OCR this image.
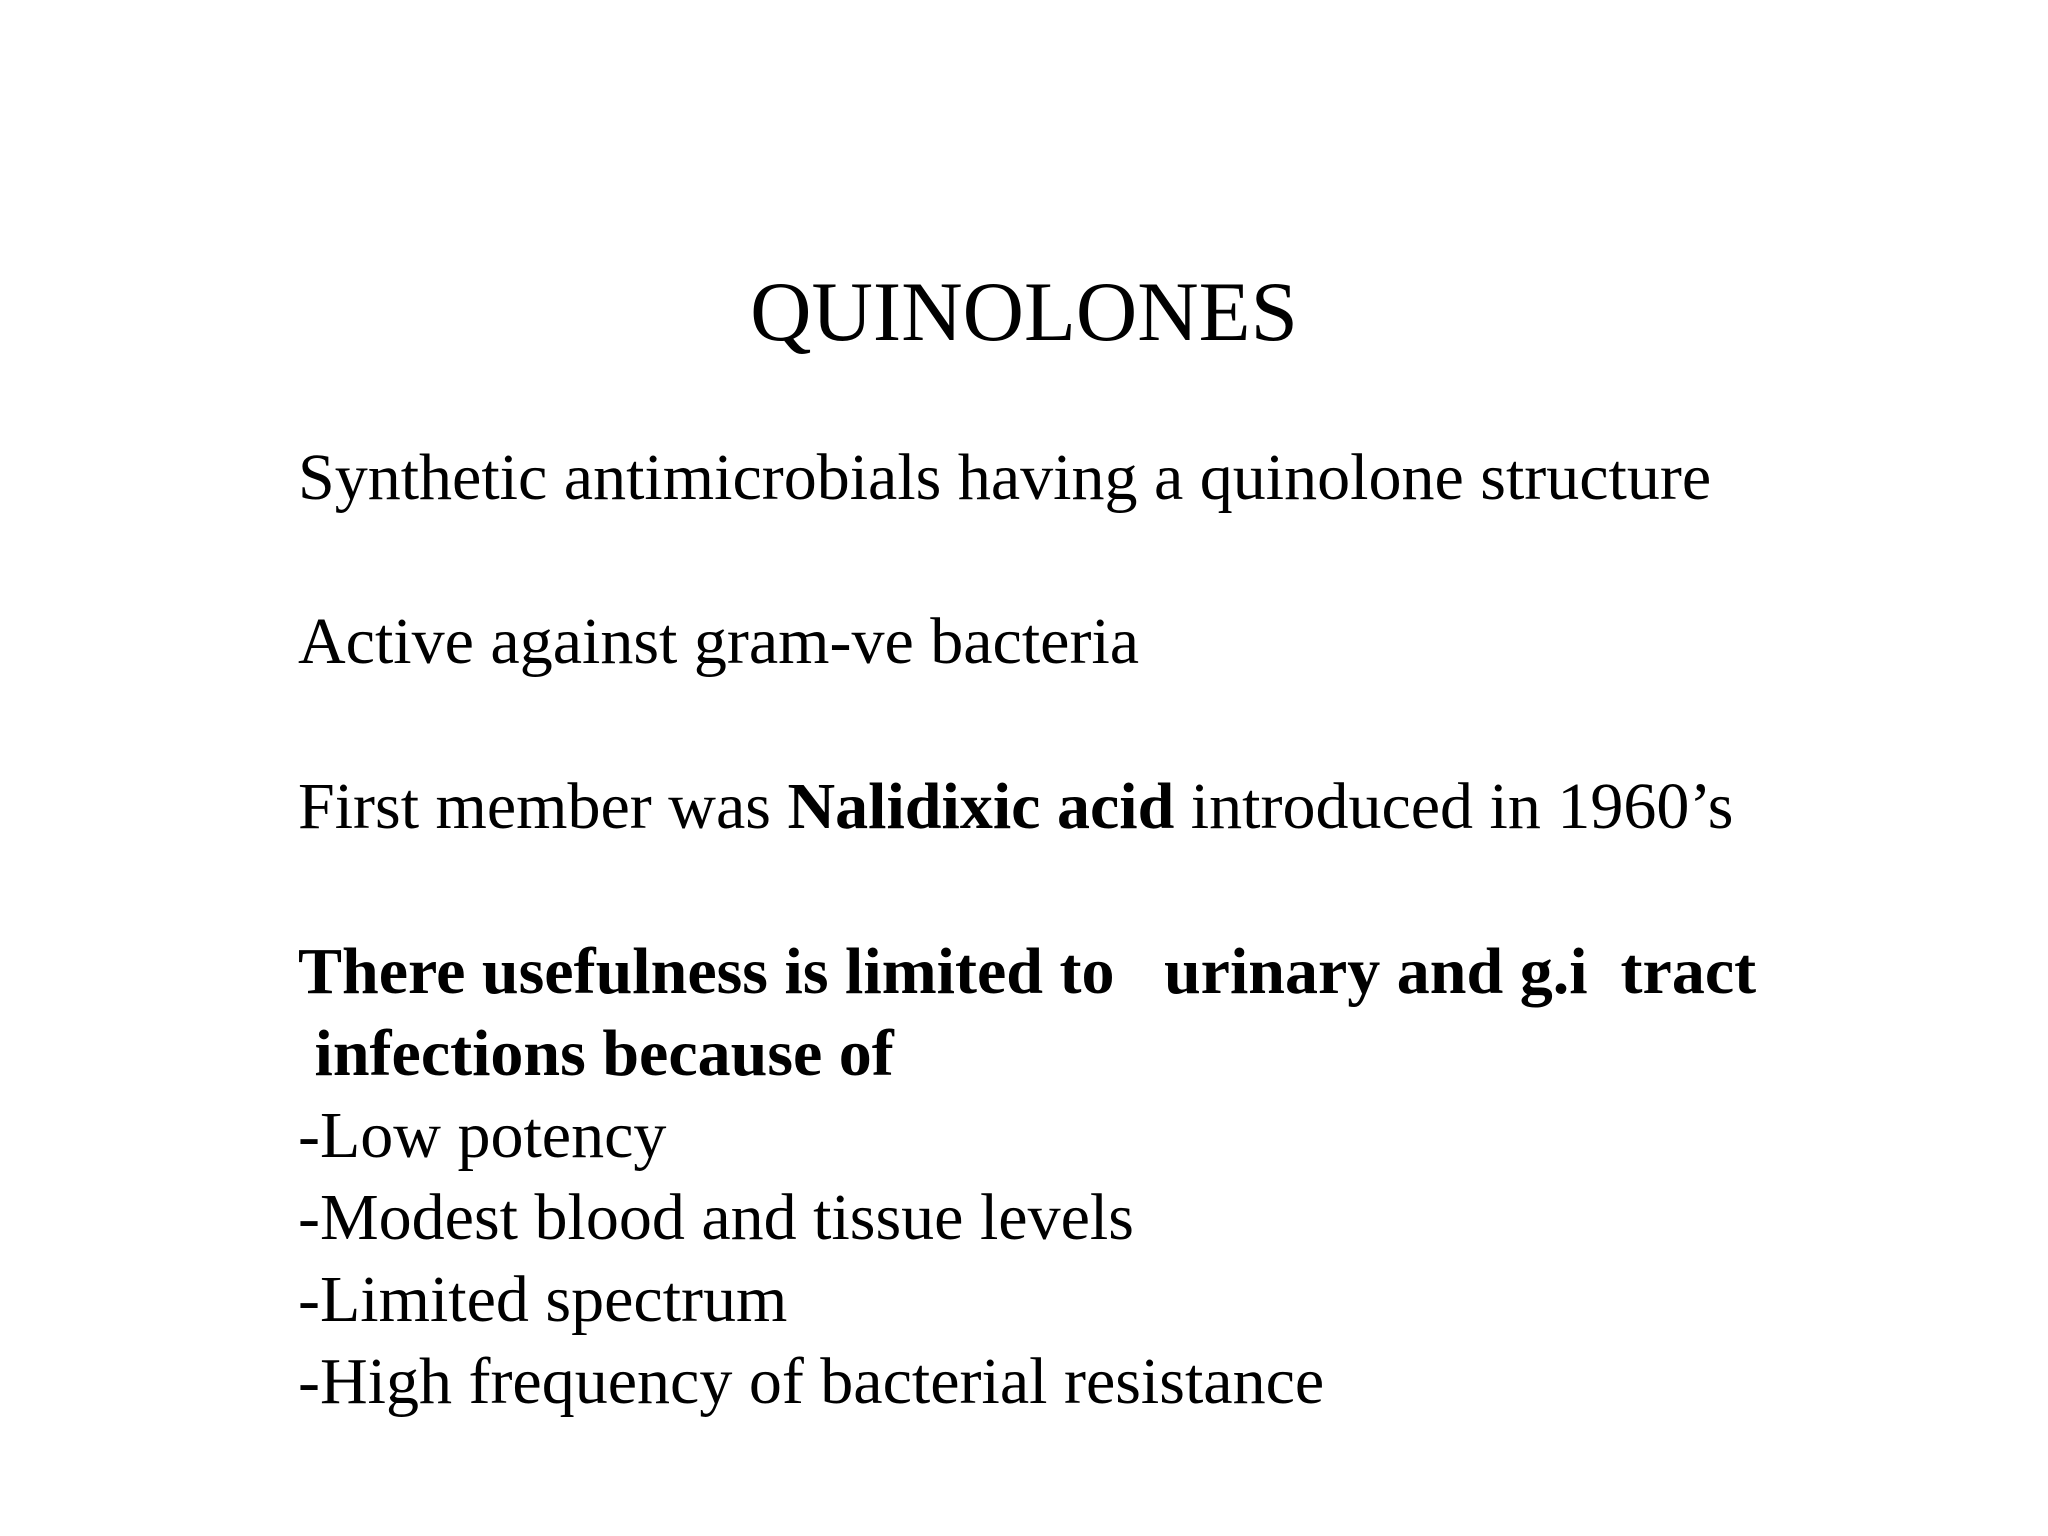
QUINOLONES
Synthetic antimicrobials having a quinolone structure
Active against gram-ve bacteria
First member was Nalidixic acid introduced in 1960’s
There usefulness is limited to   urinary and g.i  tract
infections because of
-Low potency
-Modest blood and tissue levels
-Limited spectrum
-High frequency of bacterial resistance
